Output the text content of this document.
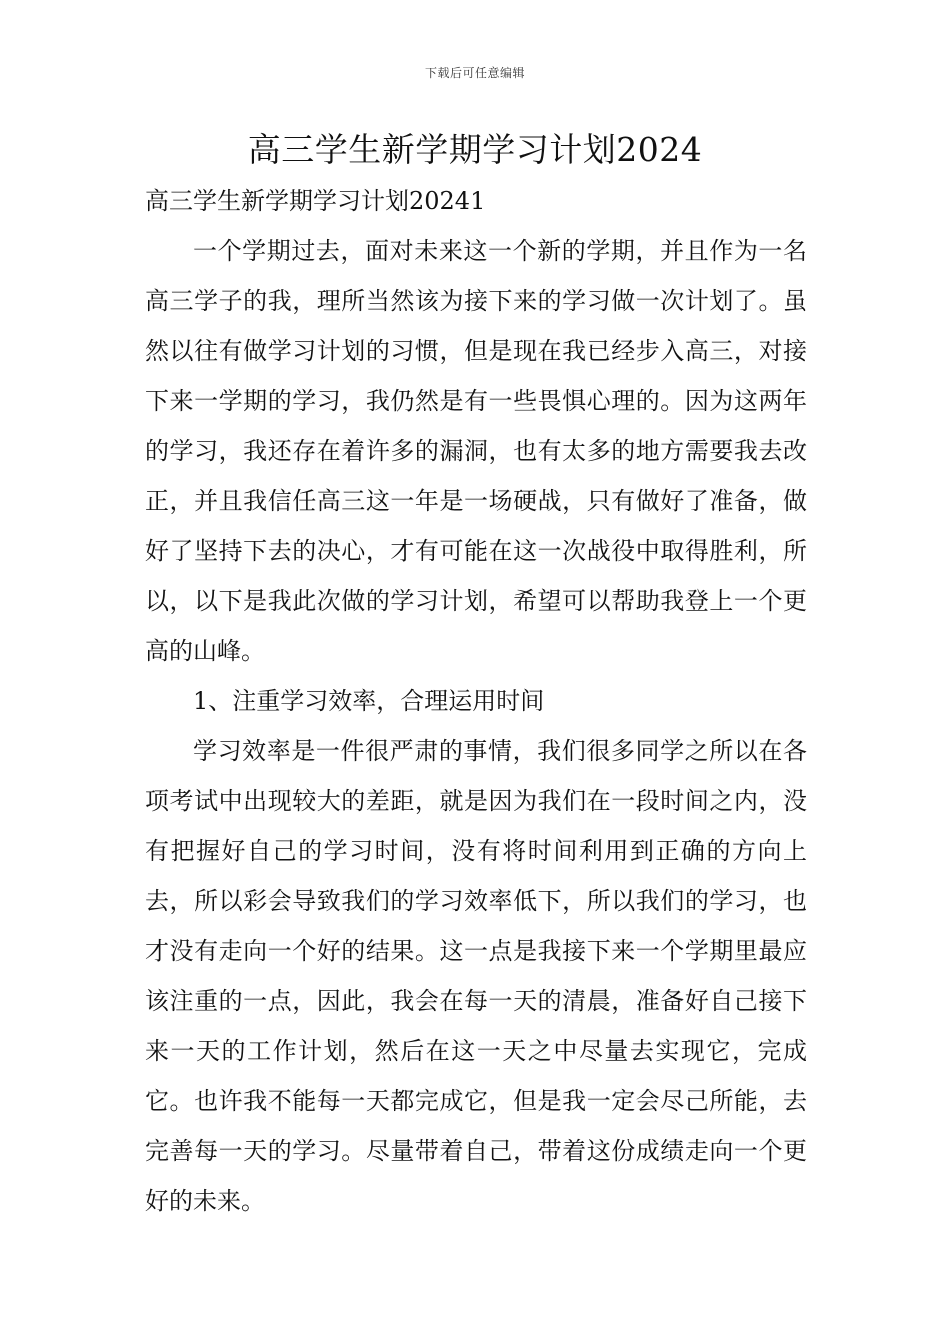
下载后可任意编辑
高三学生新学期学习计划2024

高三学生新学期学习计划20241

一个学期过去，面对未来这一个新的学期，并且作为一名高三学子的我，理所当然该为接下来的学习做一次计划了。虽然以往有做学习计划的习惯，但是现在我已经步入高三，对接下来一学期的学习，我仍然是有一些畏惧心理的。因为这两年的学习，我还存在着许多的漏洞，也有太多的地方需要我去改正，并且我信任高三这一年是一场硬战，只有做好了准备，做好了坚持下去的决心，才有可能在这一次战役中取得胜利，所以，以下是我此次做的学习计划，希望可以帮助我登上一个更高的山峰。

1、注重学习效率，合理运用时间

学习效率是一件很严肃的事情，我们很多同学之所以在各项考试中出现较大的差距，就是因为我们在一段时间之内，没有把握好自己的学习时间，没有将时间利用到正确的方向上去，所以彩会导致我们的学习效率低下，所以我们的学习，也才没有走向一个好的结果。这一点是我接下来一个学期里最应该注重的一点，因此，我会在每一天的清晨，准备好自己接下来一天的工作计划，然后在这一天之中尽量去实现它，完成它。也许我不能每一天都完成它，但是我一定会尽己所能，去完善每一天的学习。尽量带着自己，带着这份成绩走向一个更好的未来。
